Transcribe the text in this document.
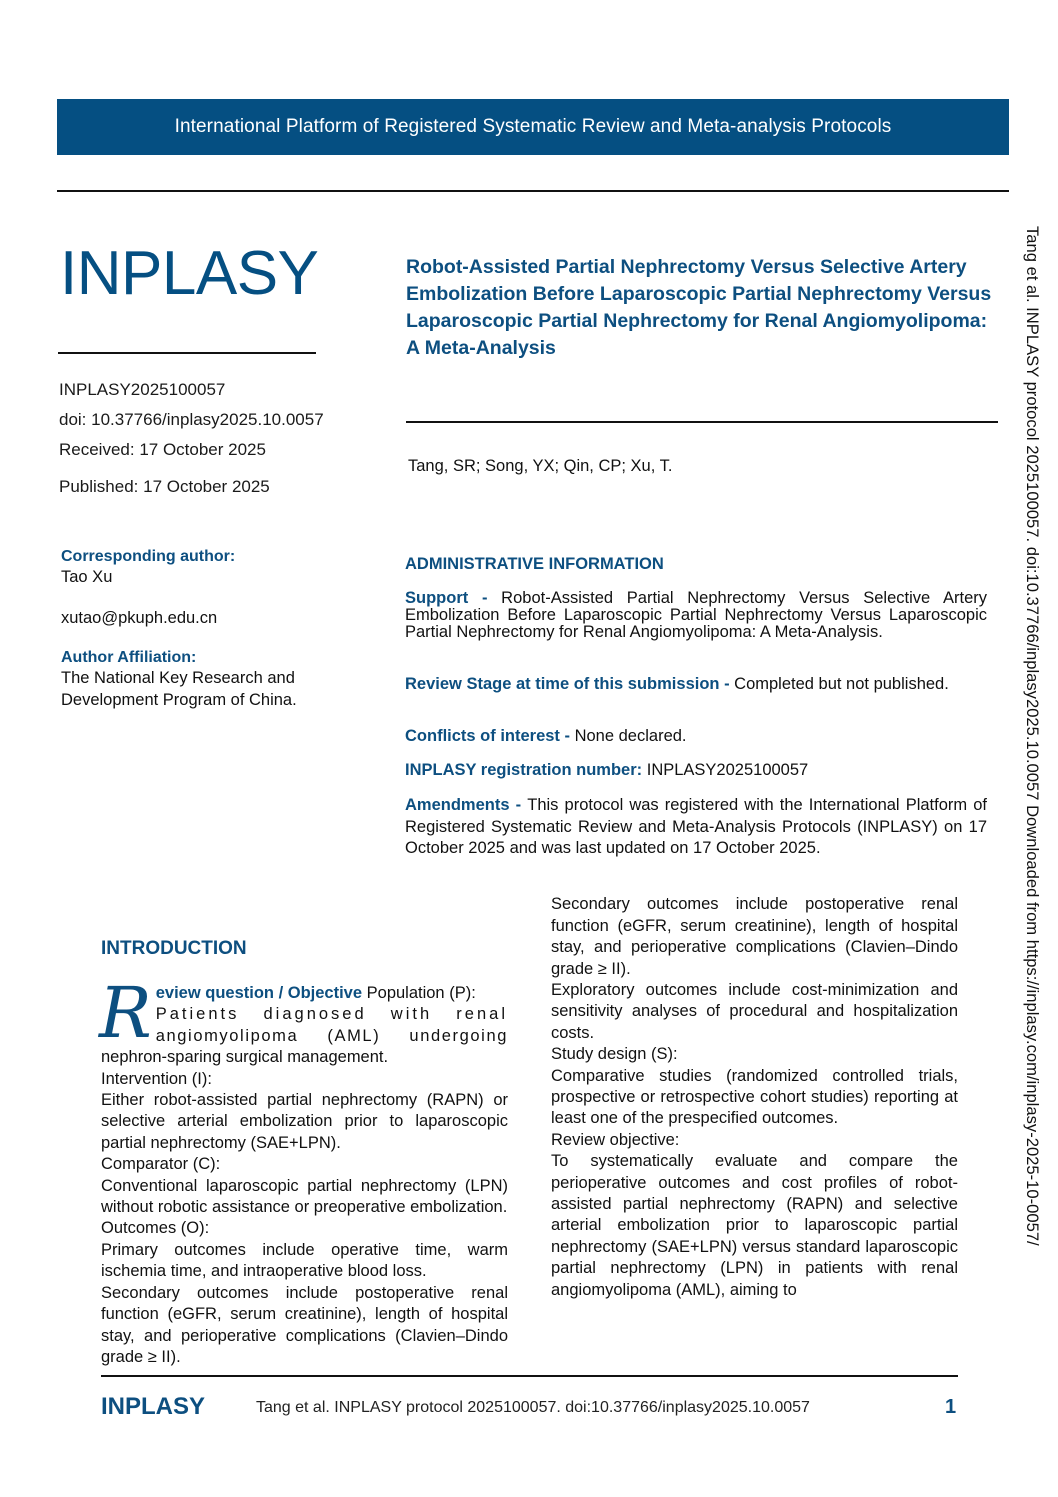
International Platform of Registered Systematic Review and Meta-analysis Protocols
INPLASY
INPLASY2025100057
doi: 10.37766/inplasy2025.10.0057
Received: 17 October 2025
Published: 17 October 2025
Robot-Assisted Partial Nephrectomy Versus Selective Artery Embolization Before Laparoscopic Partial Nephrectomy Versus Laparoscopic Partial Nephrectomy for Renal Angiomyolipoma: A Meta-Analysis
Tang, SR; Song, YX; Qin, CP; Xu, T.
Corresponding author:
Tao Xu
xutao@pkuph.edu.cn
Author Affiliation:
The National Key Research and Development Program of China.
ADMINISTRATIVE INFORMATION
Support - Robot-Assisted Partial Nephrectomy Versus Selective Artery Embolization Before Laparoscopic Partial Nephrectomy Versus Laparoscopic Partial Nephrectomy for Renal Angiomyolipoma: A Meta-Analysis.
Review Stage at time of this submission - Completed but not published.
Conflicts of interest - None declared.
INPLASY registration number: INPLASY2025100057
Amendments - This protocol was registered with the International Platform of Registered Systematic Review and Meta-Analysis Protocols (INPLASY) on 17 October 2025 and was last updated on 17 October 2025.
INTRODUCTION
R eview question / Objective Population (P):
Patients diagnosed with renal
angiomyolipoma (AML) undergoing
nephron-sparing surgical management.
Intervention (I):
Either robot-assisted partial nephrectomy (RAPN) or selective arterial embolization prior to laparoscopic partial nephrectomy (SAE+LPN).
Comparator (C):
Conventional laparoscopic partial nephrectomy (LPN) without robotic assistance or preoperative embolization.
Outcomes (O):
Primary outcomes include operative time, warm ischemia time, and intraoperative blood loss.
Secondary outcomes include postoperative renal function (eGFR, serum creatinine), length of hospital stay, and perioperative complications (Clavien–Dindo grade ≥ II).
Secondary outcomes include postoperative renal function (eGFR, serum creatinine), length of hospital stay, and perioperative complications (Clavien–Dindo grade ≥ II).
Exploratory outcomes include cost-minimization and sensitivity analyses of procedural and hospitalization costs.
Study design (S):
Comparative studies (randomized controlled trials, prospective or retrospective cohort studies) reporting at least one of the prespecified outcomes.
Review objective:
To systematically evaluate and compare the perioperative outcomes and cost profiles of robot-assisted partial nephrectomy (RAPN) and selective arterial embolization prior to laparoscopic partial nephrectomy (SAE+LPN) versus standard laparoscopic partial nephrectomy (LPN) in patients with renal angiomyolipoma (AML), aiming to
INPLASY	Tang et al. INPLASY protocol 2025100057. doi:10.37766/inplasy2025.10.0057	1
Tang et al. INPLASY protocol 2025100057. doi:10.37766/inplasy2025.10.0057 Downloaded from https://inplasy.com/inplasy-2025-10-0057/
